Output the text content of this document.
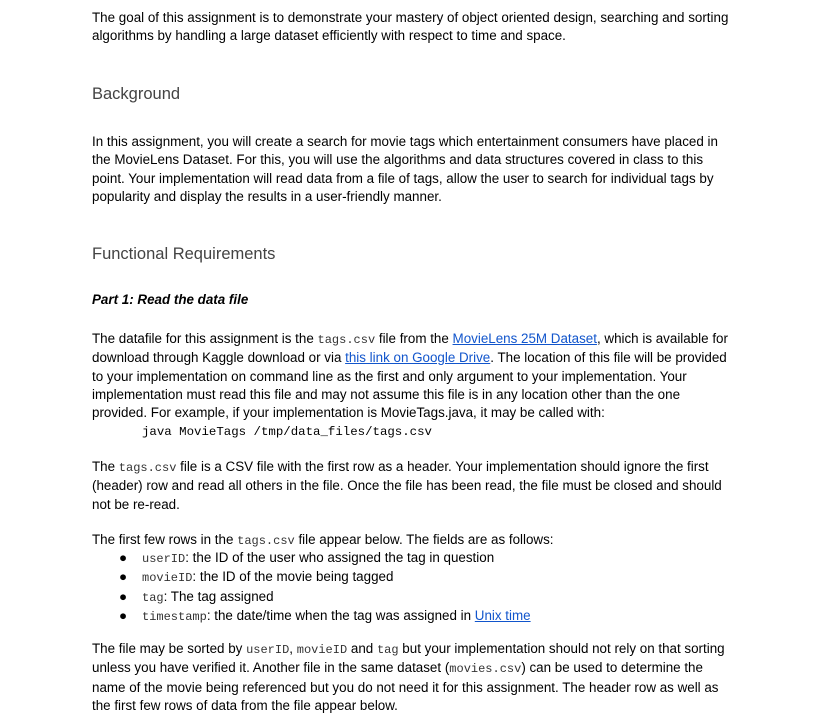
The goal of this assignment is to demonstrate your mastery of object oriented design, searching and sorting algorithms by handling a large dataset efficiently with respect to time and space.

Background

In this assignment, you will create a search for movie tags which entertainment consumers have placed in the MovieLens Dataset. For this, you will use the algorithms and data structures covered in class to this point. Your implementation will read data from a file of tags, allow the user to search for individual tags by popularity and display the results in a user-friendly manner.

Functional Requirements
Part 1: Read the data file

The datafile for this assignment is the tags.csv file from the MovieLens 25M Dataset, which is available for download through Kaggle download or via this link on Google Drive. The location of this file will be provided to your implementation on command line as the first and only argument to your implementation. Your implementation must read this file and may not assume this file is in any location other than the one provided. For example, if your implementation is MovieTags.java, it may be called with:

java MovieTags /tmp/data_files/tags.csv

The tags.csv file is a CSV file with the first row as a header. Your implementation should ignore the first (header) row and read all others in the file. Once the file has been read, the file must be closed and should not be re-read.

The first few rows in the tags.csv file appear below. The fields are as follows:

● userID: the ID of the user who assigned the tag in question
● movieID: the ID of the movie being tagged
● tag: The tag assigned
● timestamp: the date/time when the tag was assigned in Unix time

The file may be sorted by userID, movieID and tag but your implementation should not rely on that sorting unless you have verified it. Another file in the same dataset (movies.csv) can be used to determine the name of the movie being referenced but you do not need it for this assignment. The header row as well as the first few rows of data from the file appear below.
